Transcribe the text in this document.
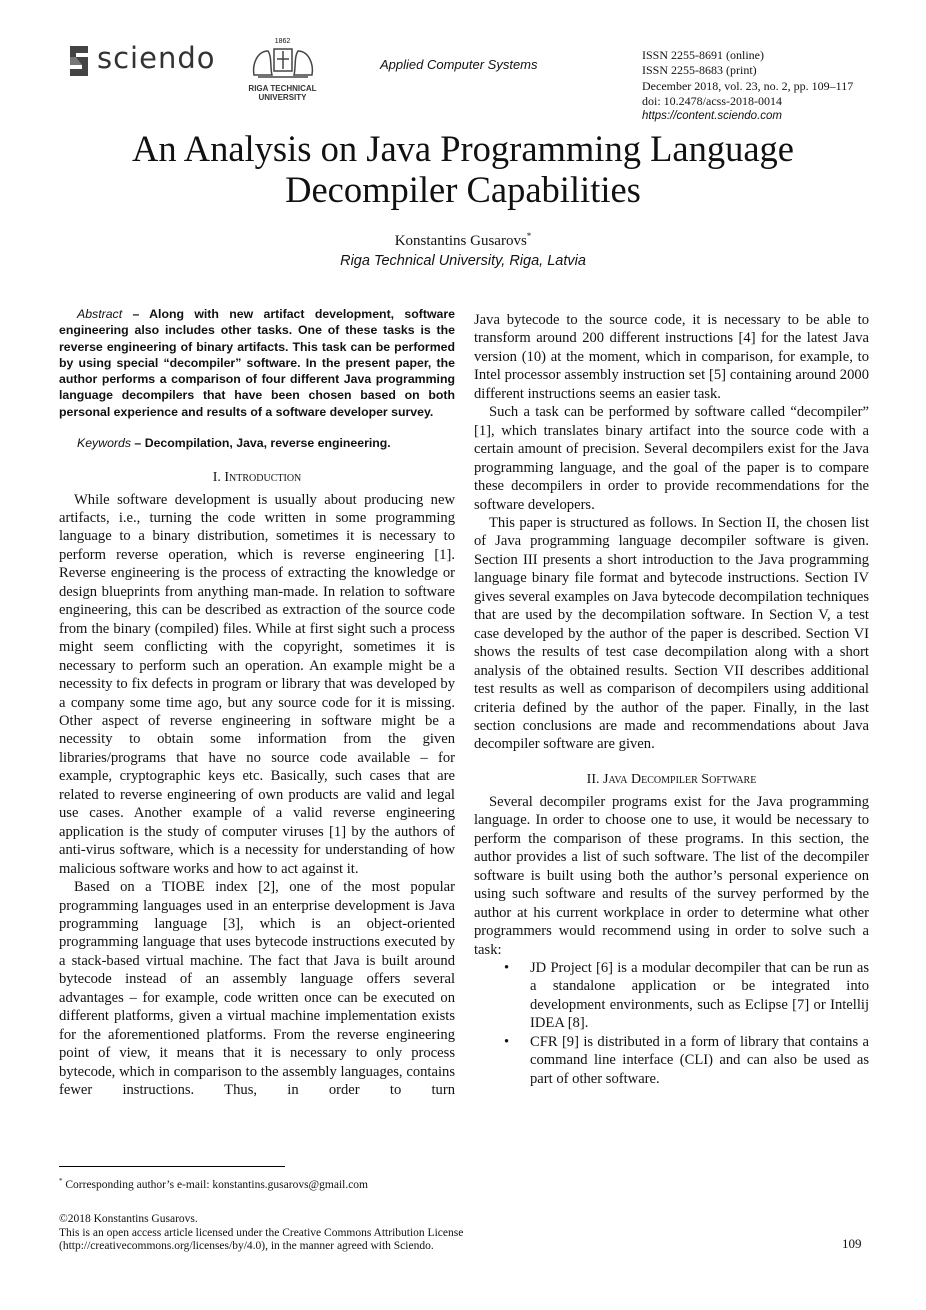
sciendo	1862
RIGA TECHNICAL
UNIVERSITY
Applied Computer Systems
ISSN 2255-8691 (online)
ISSN 2255-8683 (print)
December 2018, vol. 23, no. 2, pp. 109–117
doi: 10.2478/acss-2018-0014
https://content.sciendo.com
An Analysis on Java Programming Language
Decompiler Capabilities
Konstantins Gusarovs*
Riga Technical University, Riga, Latvia
Abstract – Along with new artifact development, software engineering also includes other tasks. One of these tasks is the reverse engineering of binary artifacts. This task can be performed by using special “decompiler” software. In the present paper, the author performs a comparison of four different Java programming language decompilers that have been chosen based on both personal experience and results of a software developer survey.
Keywords – Decompilation, Java, reverse engineering.
I. Introduction

While software development is usually about producing new artifacts, i.e., turning the code written in some programming language to a binary distribution, sometimes it is necessary to perform reverse operation, which is reverse engineering [1]. Reverse engineering is the process of extracting the knowledge or design blueprints from anything man-made. In relation to software engineering, this can be described as extraction of the source code from the binary (compiled) files. While at first sight such a process might seem conflicting with the copyright, sometimes it is necessary to perform such an operation. An example might be a necessity to fix defects in program or library that was developed by a company some time ago, but any source code for it is missing. Other aspect of reverse engineering in software might be a necessity to obtain some information from the given libraries/programs that have no source code available – for example, cryptographic keys etc. Basically, such cases that are related to reverse engineering of own products are valid and legal use cases. Another example of a valid reverse engineering application is the study of computer viruses [1] by the authors of anti-virus software, which is a necessity for understanding of how malicious software works and how to act against it.

Based on a TIOBE index [2], one of the most popular programming languages used in an enterprise development is Java programming language [3], which is an object-oriented programming language that uses bytecode instructions executed by a stack-based virtual machine. The fact that Java is built around bytecode instead of an assembly language offers several advantages – for example, code written once can be executed on different platforms, given a virtual machine implementation exists for the aforementioned platforms. From the reverse engineering point of view, it means that it is necessary to only process bytecode, which in comparison to the assembly languages, contains fewer instructions. Thus, in order to turn

Java bytecode to the source code, it is necessary to be able to transform around 200 different instructions [4] for the latest Java version (10) at the moment, which in comparison, for example, to Intel processor assembly instruction set [5] containing around 2000 different instructions seems an easier task.

Such a task can be performed by software called “decompiler” [1], which translates binary artifact into the source code with a certain amount of precision. Several decompilers exist for the Java programming language, and the goal of the paper is to compare these decompilers in order to provide recommendations for the software developers.

This paper is structured as follows. In Section II, the chosen list of Java programming language decompiler software is given. Section III presents a short introduction to the Java programming language binary file format and bytecode instructions. Section IV gives several examples on Java bytecode decompilation techniques that are used by the decompilation software. In Section V, a test case developed by the author of the paper is described. Section VI shows the results of test case decompilation along with a short analysis of the obtained results. Section VII describes additional test results as well as comparison of decompilers using additional criteria defined by the author of the paper. Finally, in the last section conclusions are made and recommendations about Java decompiler software are given.

II. Java Decompiler Software

Several decompiler programs exist for the Java programming language. In order to choose one to use, it would be necessary to perform the comparison of these programs. In this section, the author provides a list of such software. The list of the decompiler software is built using both the author’s personal experience on using such software and results of the survey performed by the author at his current workplace in order to determine what other programmers would recommend using in order to solve such a task:

• JD Project [6] is a modular decompiler that can be run as a standalone application or be integrated into development environments, such as Eclipse [7] or Intellij IDEA [8].
• CFR [9] is distributed in a form of library that contains a command line interface (CLI) and can also be used as part of other software.
* Corresponding author’s e-mail: konstantins.gusarovs@gmail.com
©2018 Konstantins Gusarovs.
This is an open access article licensed under the Creative Commons Attribution License
(http://creativecommons.org/licenses/by/4.0), in the manner agreed with Sciendo.	109
